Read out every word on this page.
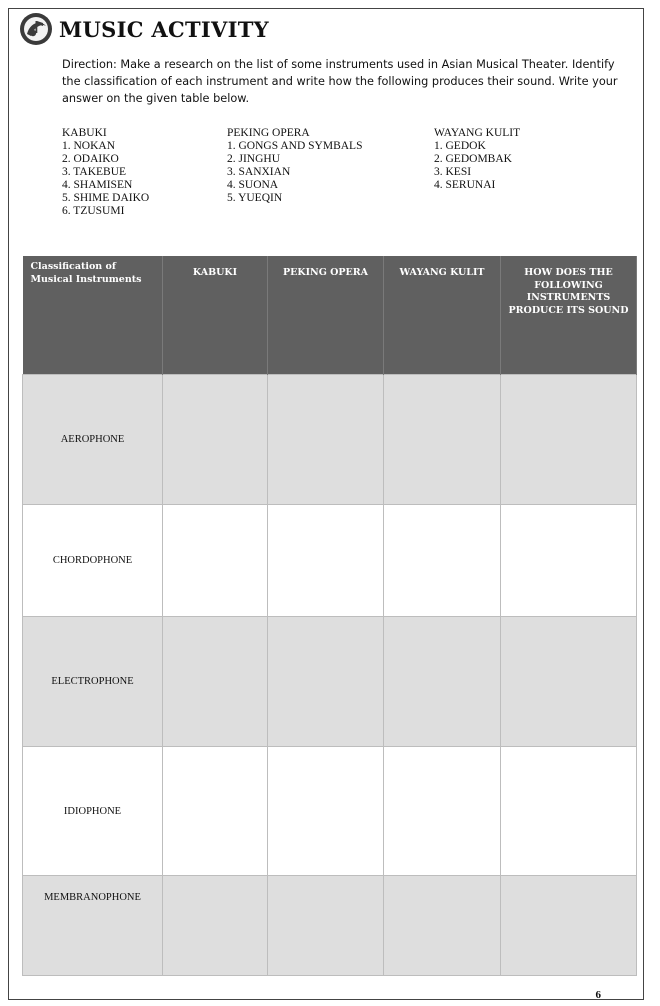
MUSIC ACTIVITY
Direction: Make a research on the list of some instruments used in Asian Musical Theater. Identify the classification of each instrument and write how the following produces their sound. Write your answer on the given table below.
KABUKI
1. NOKAN
2. ODAIKO
3. TAKEBUE
4. SHAMISEN
5. SHIME DAIKO
6. TZUSUMI
PEKING OPERA
1. GONGS AND SYMBALS
2. JINGHU
3. SANXIAN
4. SUONA
5. YUEQIN
WAYANG KULIT
1. GEDOK
2. GEDOMBAK
3. KESI
4. SERUNAI
Classification of Musical Instruments	KABUKI	PEKING OPERA	WAYANG KULIT	HOW DOES THE FOLLOWING INSTRUMENTS PRODUCE ITS SOUND
AEROPHONE				
CHORDOPHONE				
ELECTROPHONE				
IDIOPHONE				
MEMBRANOPHONE				
6
